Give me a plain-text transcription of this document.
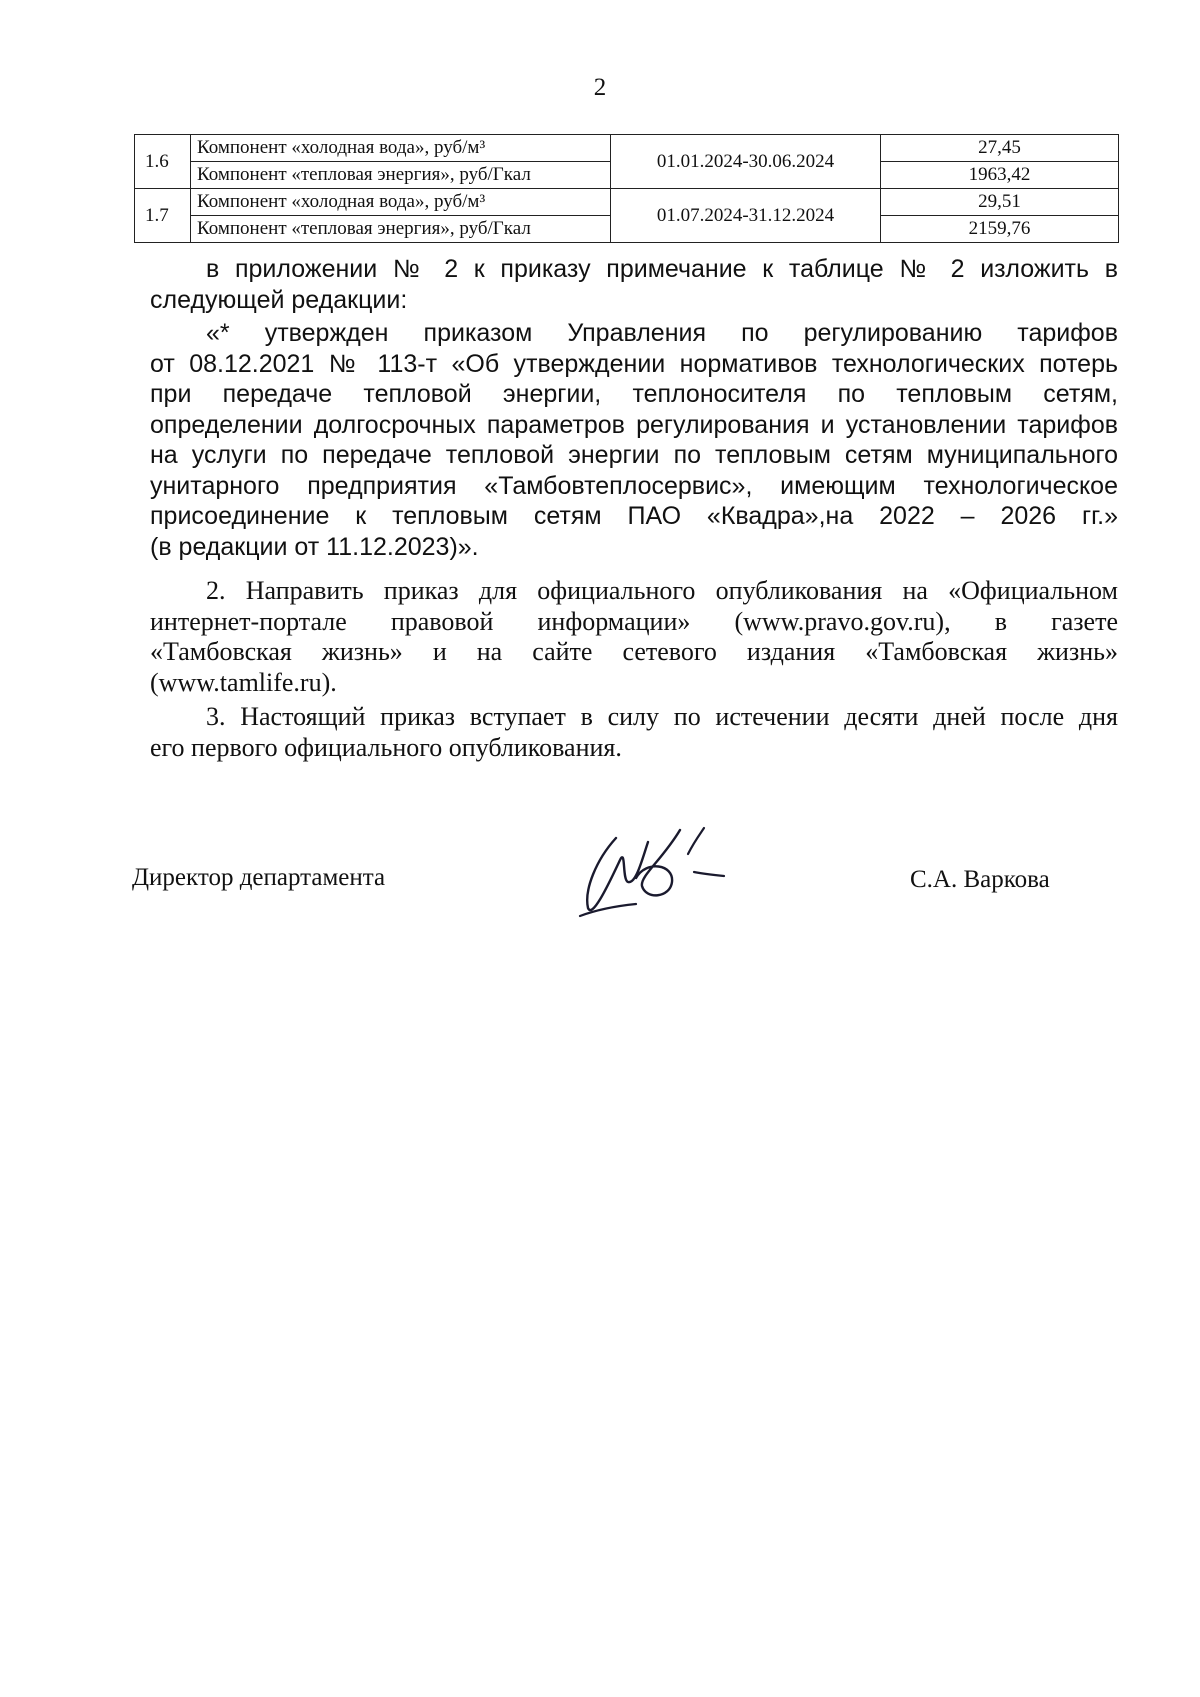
2
1.6	Компонент «холодная вода», руб/м³	01.01.2024-30.06.2024	27,45
	Компонент «тепловая энергия», руб/Гкал		1963,42
1.7	Компонент «холодная вода», руб/м³	01.07.2024-31.12.2024	29,51
	Компонент «тепловая энергия», руб/Гкал		2159,76
в приложении № 2 к приказу примечание к таблице № 2 изложить в
следующей редакции:
«* утвержден приказом Управления по регулированию тарифов
от 08.12.2021 № 113-т «Об утверждении нормативов технологических потерь
при передаче тепловой энергии, теплоносителя по тепловым сетям,
определении долгосрочных параметров регулирования и установлении тарифов
на услуги по передаче тепловой энергии по тепловым сетям муниципального
унитарного предприятия «Тамбовтеплосервис», имеющим технологическое
присоединение к тепловым сетям ПАО «Квадра»,на 2022 – 2026 гг.»
(в редакции от 11.12.2023)».
2. Направить приказ для официального опубликования на «Официальном
интернет-портале правовой информации» (www.pravo.gov.ru), в газете
«Тамбовская жизнь» и на сайте сетевого издания «Тамбовская жизнь»
(www.tamlife.ru).
3. Настоящий приказ вступает в силу по истечении десяти дней после дня
его первого официального опубликования.
Директор департамента	С.А. Варкова
